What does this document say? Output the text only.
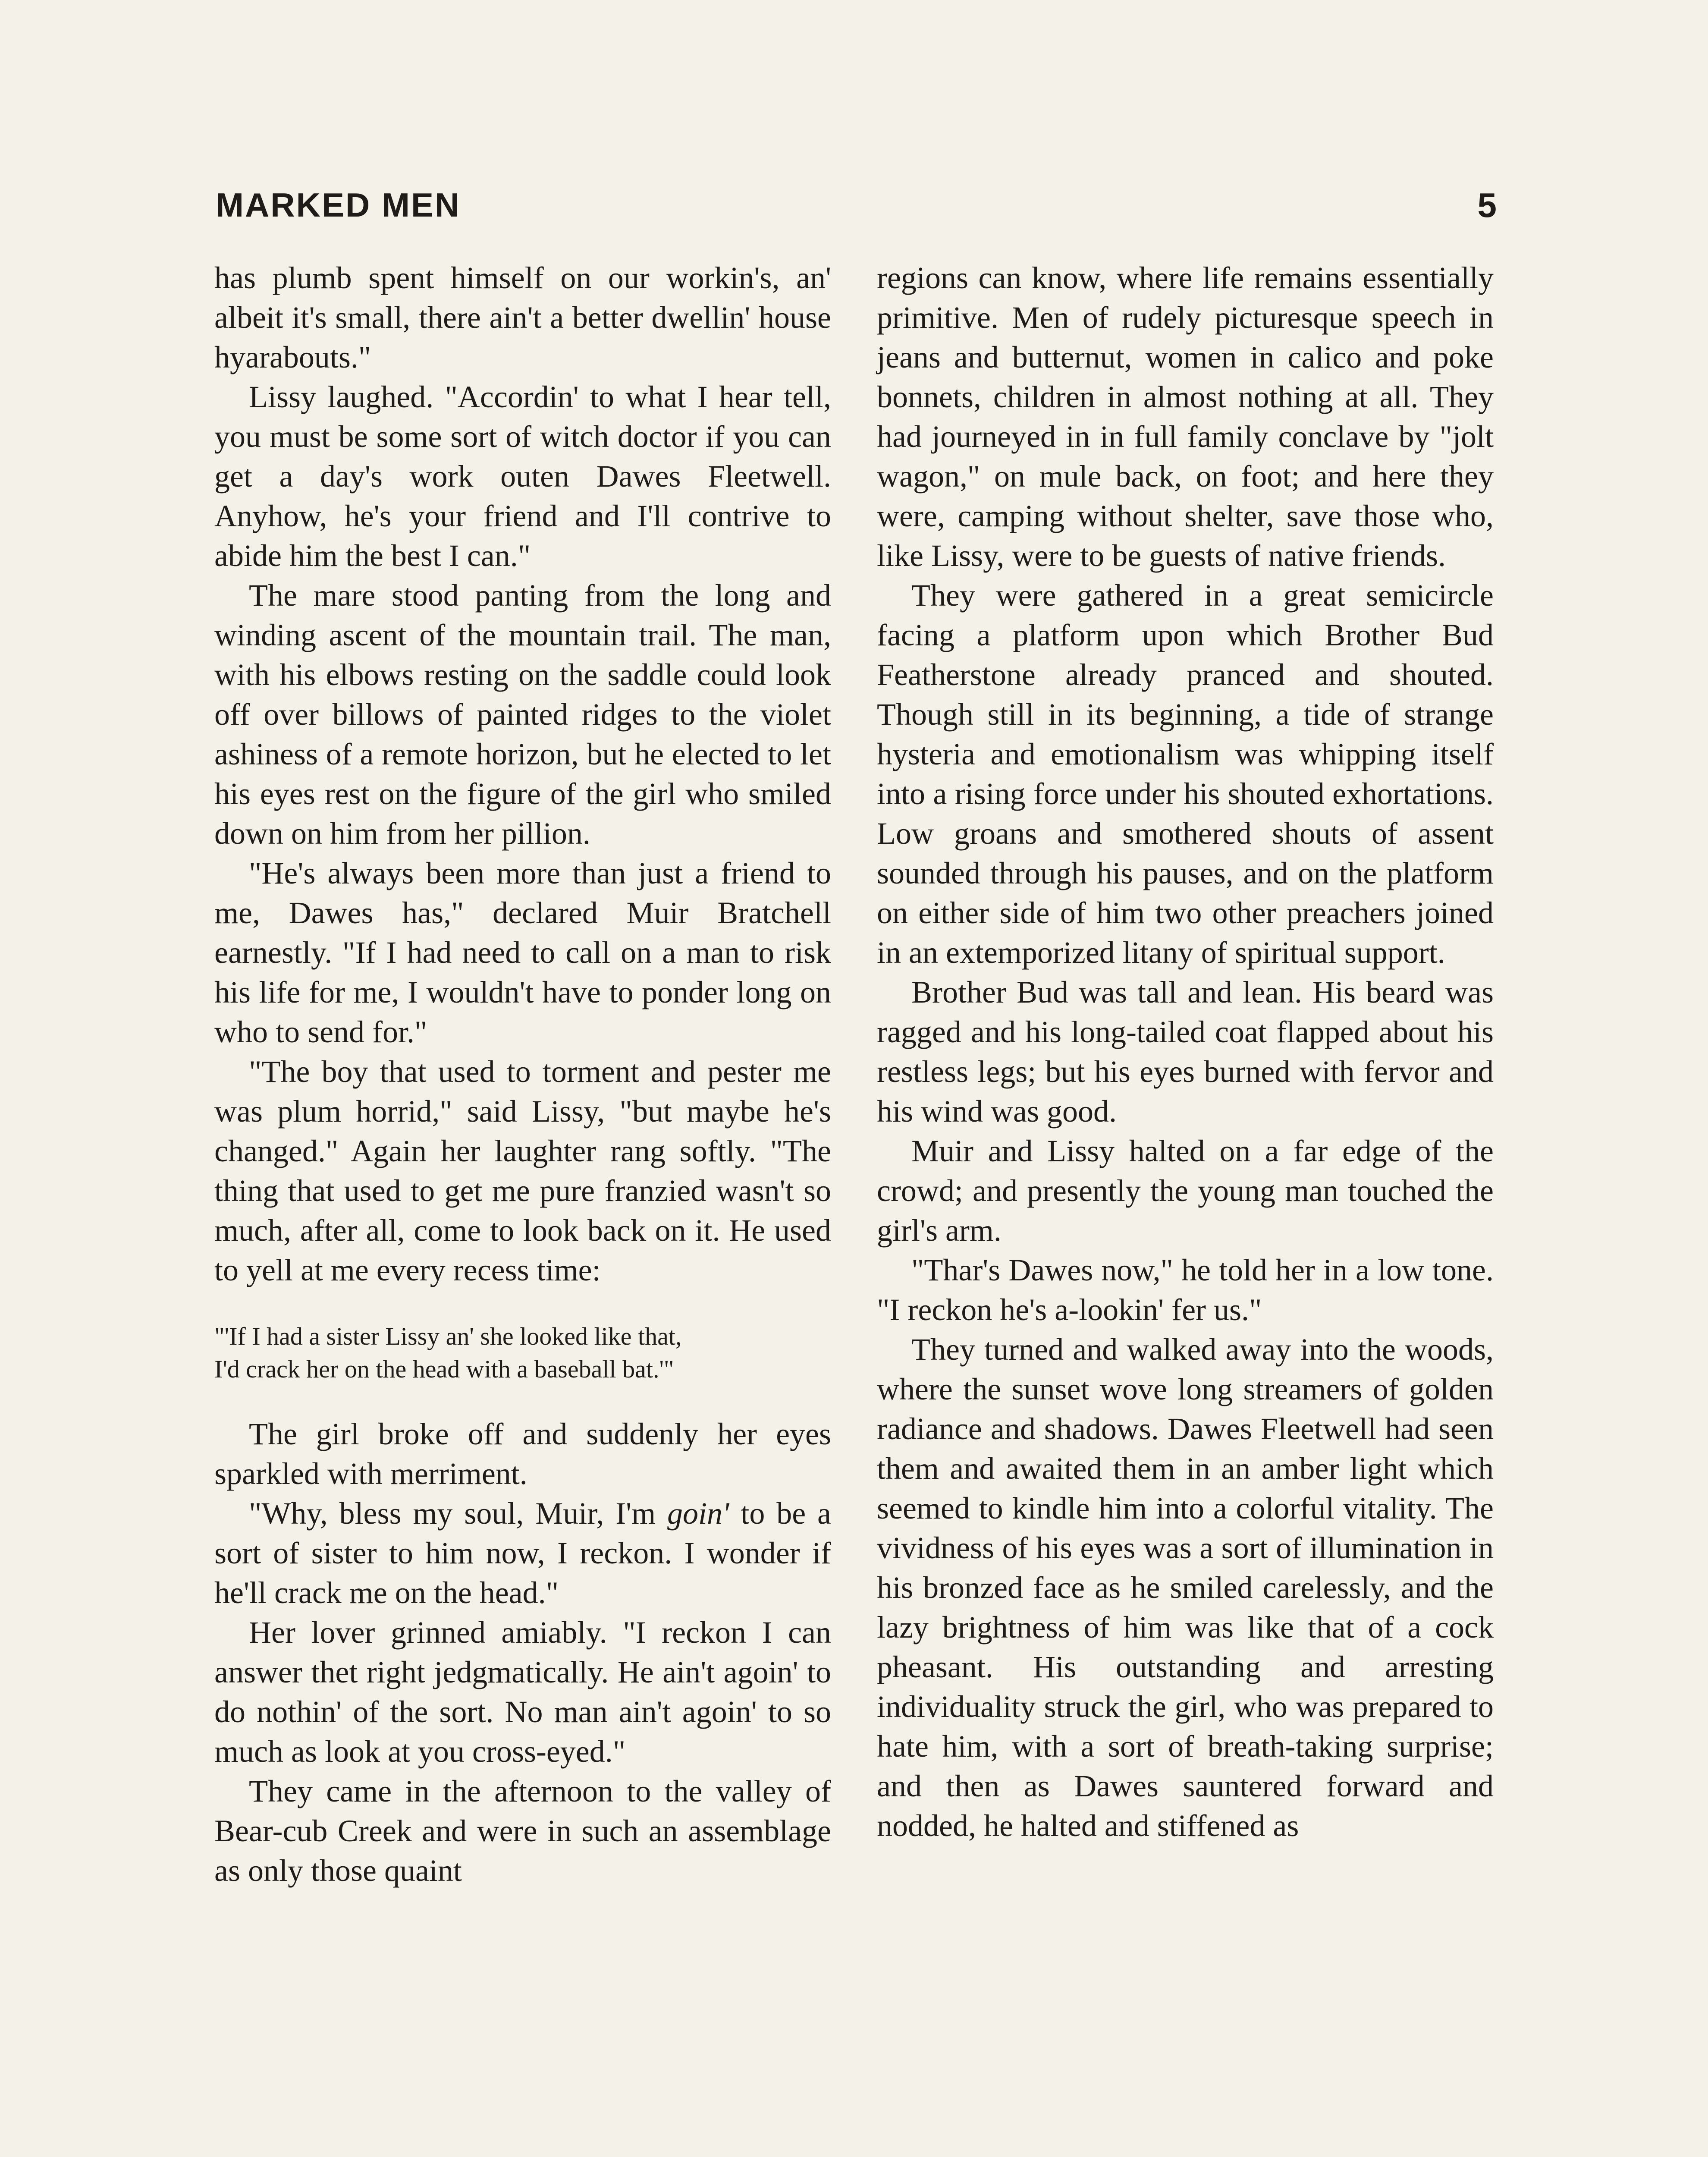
MARKED MEN	5

has plumb spent himself on our workin's, an' albeit it's small, there ain't a better dwellin' house hyarabouts."

Lissy laughed. "Accordin' to what I hear tell, you must be some sort of witch doctor if you can get a day's work outen Dawes Fleetwell. Anyhow, he's your friend and I'll contrive to abide him the best I can."

The mare stood panting from the long and winding ascent of the mountain trail. The man, with his elbows resting on the saddle could look off over billows of painted ridges to the violet ashiness of a remote horizon, but he elected to let his eyes rest on the figure of the girl who smiled down on him from her pillion.

"He's always been more than just a friend to me, Dawes has," declared Muir Bratchell earnestly. "If I had need to call on a man to risk his life for me, I wouldn't have to ponder long on who to send for."

"The boy that used to torment and pester me was plum horrid," said Lissy, "but maybe he's changed." Again her laughter rang softly. "The thing that used to get me pure franzied wasn't so much, after all, come to look back on it. He used to yell at me every recess time:

"'If I had a sister Lissy an' she looked like that,
I'd crack her on the head with a baseball bat.'"

The girl broke off and suddenly her eyes sparkled with merriment.

"Why, bless my soul, Muir, I'm goin' to be a sort of sister to him now, I reckon. I wonder if he'll crack me on the head."

Her lover grinned amiably. "I reckon I can answer thet right jedgmatically. He ain't agoin' to do nothin' of the sort. No man ain't agoin' to so much as look at you cross-eyed."

They came in the afternoon to the valley of Bear-cub Creek and were in such an assemblage as only those quaint

regions can know, where life remains essentially primitive. Men of rudely picturesque speech in jeans and butternut, women in calico and poke bonnets, children in almost nothing at all. They had journeyed in in full family conclave by "jolt wagon," on mule back, on foot; and here they were, camping without shelter, save those who, like Lissy, were to be guests of native friends.

They were gathered in a great semicircle facing a platform upon which Brother Bud Featherstone already pranced and shouted. Though still in its beginning, a tide of strange hysteria and emotionalism was whipping itself into a rising force under his shouted exhortations. Low groans and smothered shouts of assent sounded through his pauses, and on the platform on either side of him two other preachers joined in an extemporized litany of spiritual support.

Brother Bud was tall and lean. His beard was ragged and his long-tailed coat flapped about his restless legs; but his eyes burned with fervor and his wind was good.

Muir and Lissy halted on a far edge of the crowd; and presently the young man touched the girl's arm.

"Thar's Dawes now," he told her in a low tone. "I reckon he's a-lookin' fer us."

They turned and walked away into the woods, where the sunset wove long streamers of golden radiance and shadows. Dawes Fleetwell had seen them and awaited them in an amber light which seemed to kindle him into a colorful vitality. The vividness of his eyes was a sort of illumination in his bronzed face as he smiled carelessly, and the lazy brightness of him was like that of a cock pheasant. His outstanding and arresting individuality struck the girl, who was prepared to hate him, with a sort of breath-taking surprise; and then as Dawes sauntered forward and nodded, he halted and stiffened as
